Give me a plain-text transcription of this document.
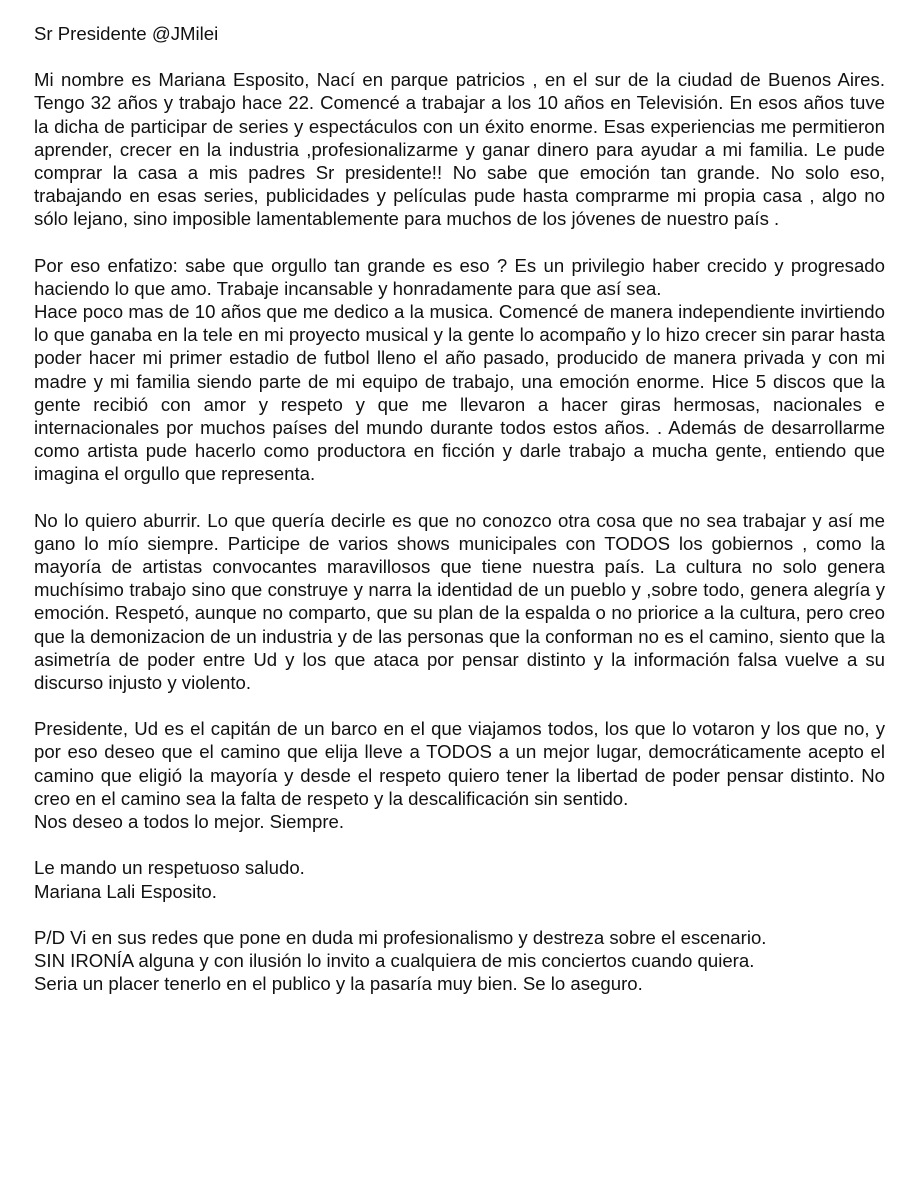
Sr Presidente @JMilei

Mi nombre es Mariana Esposito, Nací en parque patricios , en el sur de la ciudad de Buenos Aires. Tengo 32 años y trabajo hace 22. Comencé a trabajar a los 10 años en Televisión. En esos años tuve la dicha de participar de series y espectáculos con un éxito enorme. Esas experiencias me permitieron aprender, crecer en la industria ,profesionalizarme y ganar dinero para ayudar a mi familia. Le pude comprar la casa a mis padres Sr presidente!! No sabe que emoción tan grande. No solo eso, trabajando en esas series, publicidades y películas pude hasta comprarme mi propia casa , algo no sólo lejano, sino imposible lamentablemente para muchos de los jóvenes de nuestro país .

Por eso enfatizo: sabe que orgullo tan grande es eso ? Es un privilegio haber crecido y progresado haciendo lo que amo. Trabaje incansable y honradamente para que así sea.

Hace poco mas de 10 años que me dedico a la musica. Comencé de manera independiente invirtiendo lo que ganaba en la tele en mi proyecto musical y la gente lo acompaño y lo hizo crecer sin parar hasta poder hacer mi primer estadio de futbol lleno el año pasado, producido de manera privada y con mi madre y mi familia siendo parte de mi equipo de trabajo, una emoción enorme. Hice 5 discos que la gente recibió con amor y respeto y que me llevaron a hacer giras hermosas, nacionales e internacionales por muchos países del mundo durante todos estos años. . Además de desarrollarme como artista pude hacerlo como productora en ficción y darle trabajo a mucha gente, entiendo que imagina el orgullo que representa.

No lo quiero aburrir. Lo que quería decirle es que no conozco otra cosa que no sea trabajar y así me gano lo mío siempre. Participe de varios shows municipales con TODOS los gobiernos , como la mayoría de artistas convocantes maravillosos que tiene nuestra país. La cultura no solo genera muchísimo trabajo sino que construye y narra la identidad de un pueblo y ,sobre todo, genera alegría y emoción. Respetó, aunque no comparto, que su plan de la espalda o no priorice a la cultura, pero creo que la demonizacion de un industria y de las personas que la conforman no es el camino, siento que la asimetría de poder entre Ud y los que ataca por pensar distinto y la información falsa vuelve a su discurso injusto y violento.

Presidente, Ud es el capitán de un barco en el que viajamos todos, los que lo votaron y los que no, y por eso deseo que el camino que elija lleve a TODOS a un mejor lugar, democráticamente acepto el camino que eligió la mayoría y desde el respeto quiero tener la libertad de poder pensar distinto. No creo en el camino sea la falta de respeto y la descalificación sin sentido.

Nos deseo a todos lo mejor. Siempre.

Le mando un respetuoso saludo.

Mariana Lali Esposito.

P/D Vi en sus redes que pone en duda mi profesionalismo y destreza sobre el escenario.
SIN IRONÍA alguna y con ilusión lo invito a cualquiera de mis conciertos cuando quiera.
Seria un placer tenerlo en el publico y la pasaría muy bien. Se lo aseguro.
